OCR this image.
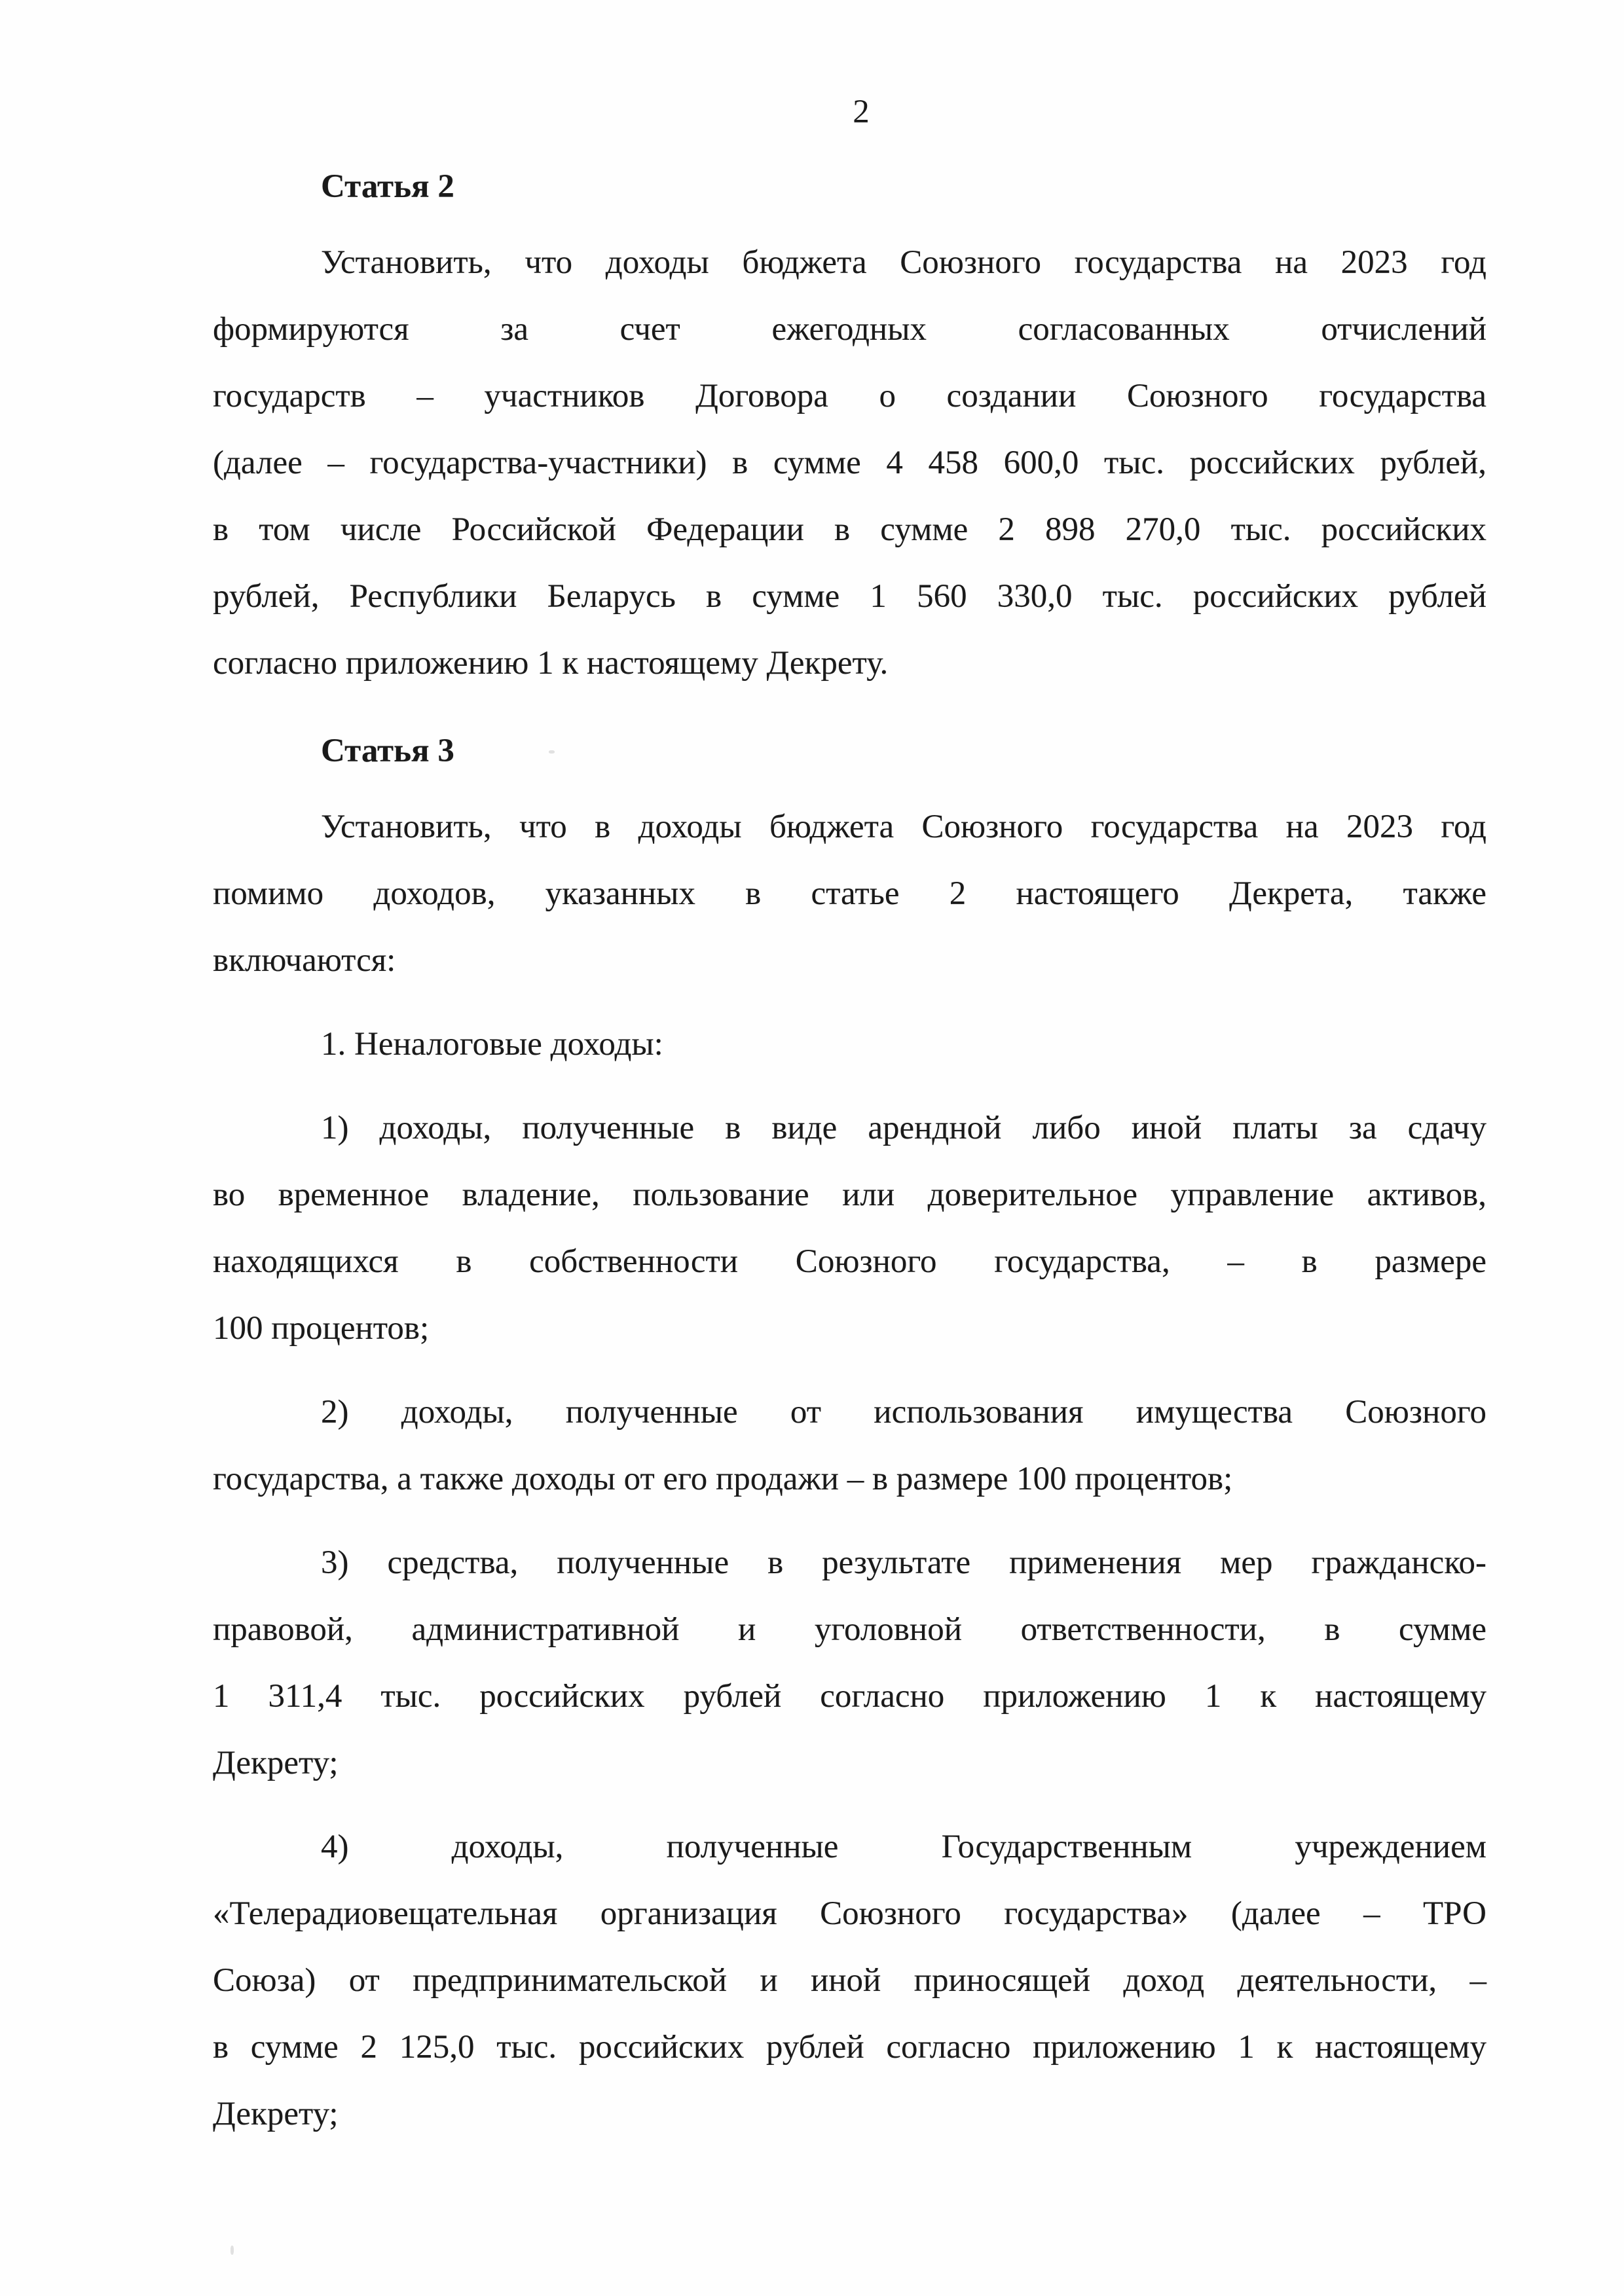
2
Статья 2
Установить, что доходы бюджета Союзного государства на 2023 год
формируются за счет ежегодных согласованных отчислений
государств – участников Договора о создании Союзного государства
(далее – государства-участники) в сумме 4 458 600,0 тыс. российских рублей,
в том числе Российской Федерации в сумме 2 898 270,0 тыс. российских
рублей, Республики Беларусь в сумме 1 560 330,0 тыс. российских рублей
согласно приложению 1 к настоящему Декрету.
Статья 3
Установить, что в доходы бюджета Союзного государства на 2023 год
помимо доходов, указанных в статье 2 настоящего Декрета, также
включаются:
1. Неналоговые доходы:
1) доходы, полученные в виде арендной либо иной платы за сдачу
во временное владение, пользование или доверительное управление активов,
находящихся в собственности Союзного государства, – в размере
100 процентов;
2) доходы, полученные от использования имущества Союзного
государства, а также доходы от его продажи – в размере 100 процентов;
3) средства, полученные в результате применения мер гражданско-
правовой, административной и уголовной ответственности, в сумме
1 311,4 тыс. российских рублей согласно приложению 1 к настоящему
Декрету;
4) доходы, полученные Государственным учреждением
«Телерадиовещательная организация Союзного государства» (далее – ТРО
Союза) от предпринимательской и иной приносящей доход деятельности, –
в сумме 2 125,0 тыс. российских рублей согласно приложению 1 к настоящему
Декрету;
